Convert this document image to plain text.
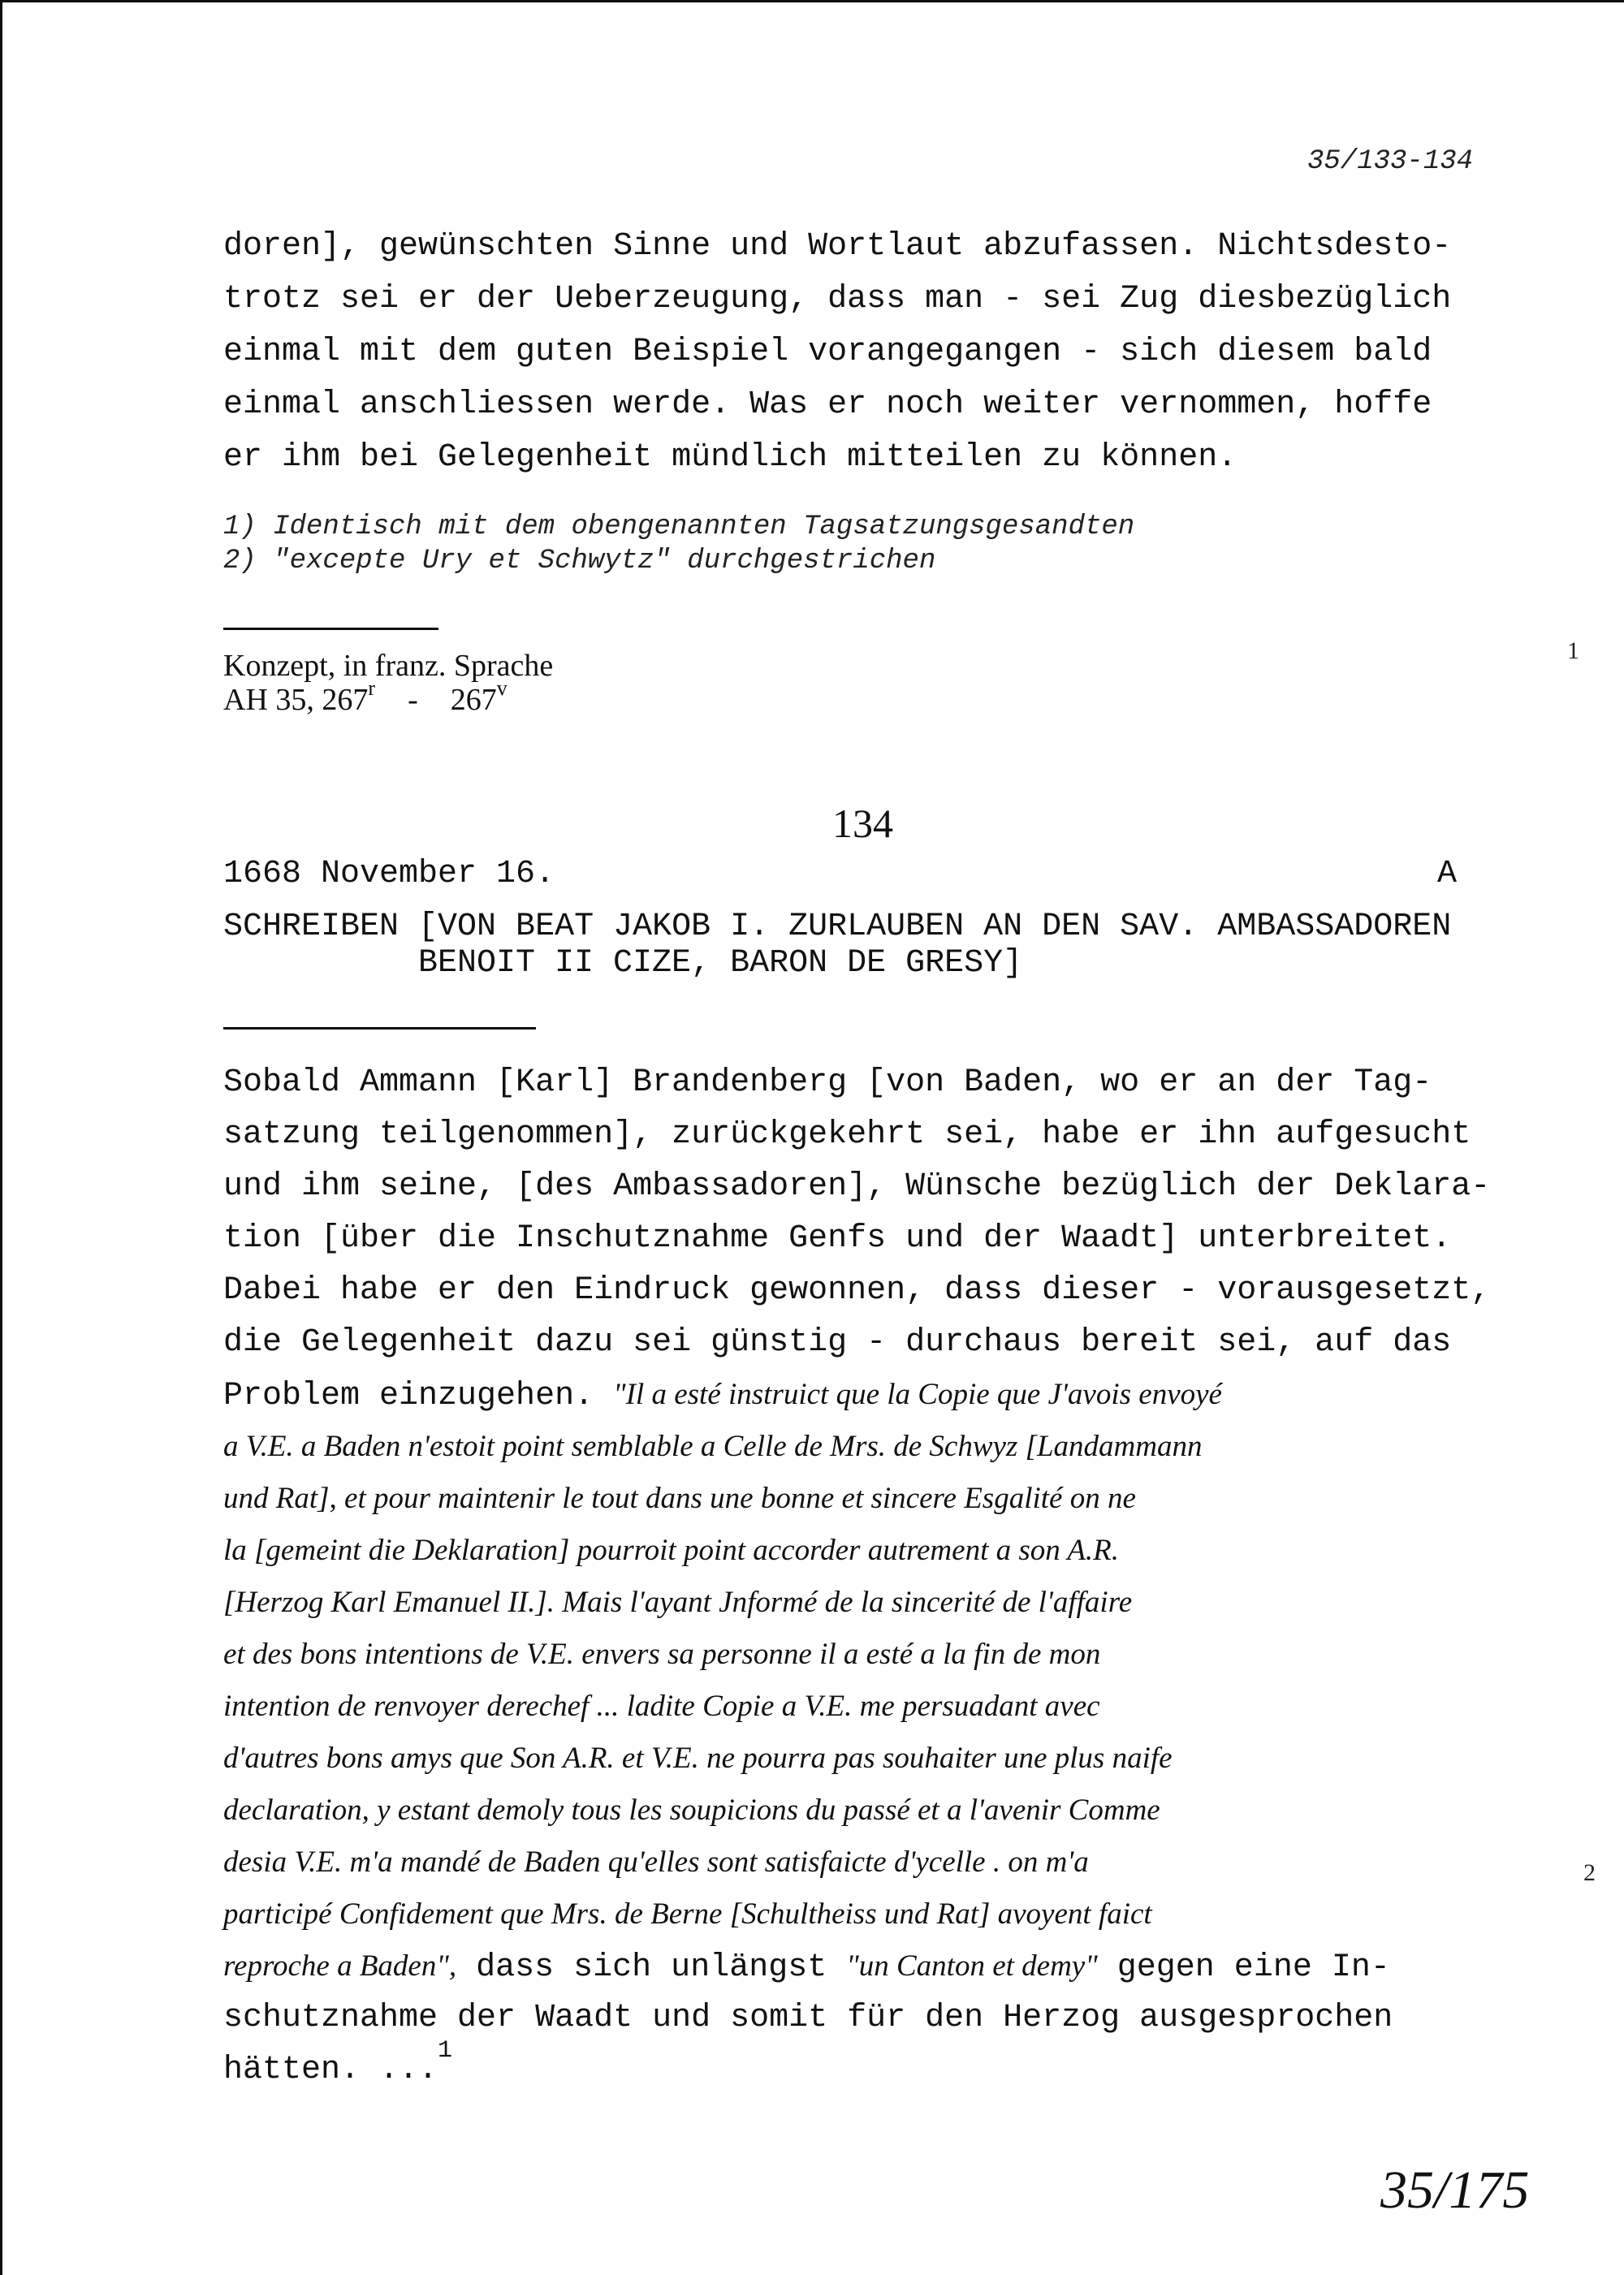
35/133-134
doren], gewünschten Sinne und Wortlaut abzufassen. Nichtsdesto-
trotz sei er der Ueberzeugung, dass man - sei Zug diesbezüglich
einmal mit dem guten Beispiel vorangegangen - sich diesem bald
einmal anschliessen werde. Was er noch weiter vernommen, hoffe
er ihm bei Gelegenheit mündlich mitteilen zu können.
1) Identisch mit dem obengenannten Tagsatzungsgesandten
2) "excepte Ury et Schwytz" durchgestrichen
Konzept, in franz. Sprache
AH 35, 267$^r$ - 267$^v$
134
1668 November 16.	A
SCHREIBEN [VON BEAT JAKOB I. ZURLAUBEN AN DEN SAV. AMBASSADOREN
BENOIT II CIZE, BARON DE GRESY]
Sobald Ammann [Karl] Brandenberg [von Baden, wo er an der Tag-
satzung teilgenommen], zurückgekehrt sei, habe er ihn aufgesucht
und ihm seine, [des Ambassadoren], Wünsche bezüglich der Deklara-
tion [über die Inschutznahme Genfs und der Waadt] unterbreitet.
Dabei habe er den Eindruck gewonnen, dass dieser - vorausgesetzt,
die Gelegenheit dazu sei günstig - durchaus bereit sei, auf das
Problem einzugehen. "Il a esté instruict que la Copie que J'avois envoyé
a V.E. a Baden n'estoit point semblable a Celle de Mrs. de Schwyz [Landammann
und Rat], et pour maintenir le tout dans une bonne et sincere Esgalité on ne
la [gemeint die Deklaration] pourroit point accorder autrement a son A.R.
[Herzog Karl Emanuel II.]. Mais l'ayant Jnformé de la sincerité de l'affaire
et des bons intentions de V.E. envers sa personne il a esté a la fin de mon
intention de renvoyer derechef ... ladite Copie a V.E. me persuadant avec
d'autres bons amys que Son A.R. et V.E. ne pourra pas souhaiter une plus naife
declaration, y estant demoly tous les soupicions du passé et a l'avenir Comme
desia V.E. m'a mandé de Baden qu'elles sont satisfaicte d'ycelle . on m'a
participé Confidement que Mrs. de Berne [Schultheiss und Rat] avoyent faict
reproche a Baden", dass sich unlängst "un Canton et demy" gegen eine In-
schutznahme der Waadt und somit für den Herzog ausgesprochen
hätten. ...$^1$
1
2
35/175
